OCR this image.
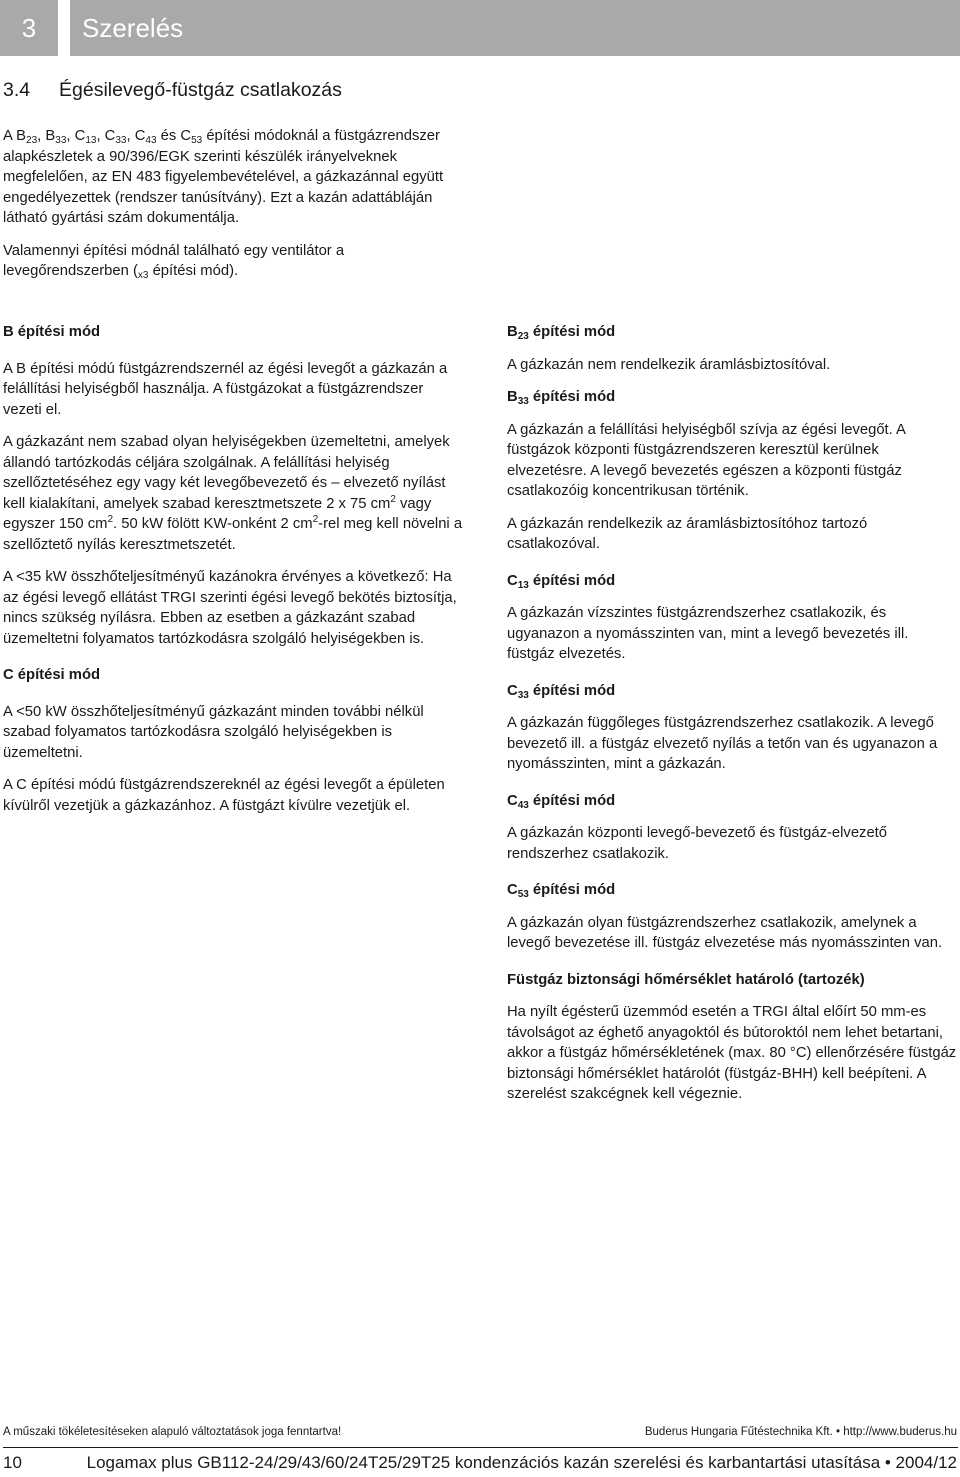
3 Szerelés
3.4 Égésilevegő-füstgáz csatlakozás

A $B_{23}$, $B_{33}$, $C_{13}$, $C_{33}$, $C_{43}$ és $C_{53}$ építési módoknál a füstgázrendszer alapkészletek a 90/396/EGK szerinti készülék irányelveknek megfelelően, az EN 483 figyelembevételével, a gázkazánnal együtt engedélyezettek (rendszer tanúsítvány). Ezt a kazán adattábláján látható gyártási szám dokumentálja.

Valamennyi építési módnál található egy ventilátor a levegőrendszerben ($_{x3}$ építési mód).

B építési mód

A B építési módú füstgázrendszernél az égési levegőt a gázkazán a felállítási helyiségből használja. A füstgázokat a füstgázrendszer vezeti el.

A gázkazánt nem szabad olyan helyiségekben üzemeltetni, amelyek állandó tartózkodás céljára szolgálnak. A felállítási helyiség szellőztetéséhez egy vagy két levegőbevezető és – elvezető nyílást kell kialakítani, amelyek szabad keresztmetszete 2 x 75 $cm^2$ vagy egyszer 150 $cm^2$. 50 kW fölött KW-onként 2 $cm^2$-rel meg kell növelni a szellőztető nyílás keresztmetszetét.

A <35 kW összhőteljesítményű kazánokra érvényes a következő: Ha az égési levegő ellátást TRGI szerinti égési levegő bekötés biztosítja, nincs szükség nyílásra. Ebben az esetben a gázkazánt szabad üzemeltetni folyamatos tartózkodásra szolgáló helyiségekben is.

C építési mód

A <50 kW összhőteljesítményű gázkazánt minden további nélkül szabad folyamatos tartózkodásra szolgáló helyiségekben is üzemeltetni.

A C építési módú füstgázrendszereknél az égési levegőt a épületen kívülről vezetjük a gázkazánhoz. A füstgázt kívülre vezetjük el.

$B_{23}$ építési mód

A gázkazán nem rendelkezik áramlásbiztosítóval.

$B_{33}$ építési mód

A gázkazán a felállítási helyiségből szívja az égési levegőt. A füstgázok központi füstgázrendszeren keresztül kerülnek elvezetésre. A levegő bevezetés egészen a központi füstgáz csatlakozóig koncentrikusan történik.

A gázkazán rendelkezik az áramlásbiztosítóhoz tartozó csatlakozóval.

$C_{13}$ építési mód

A gázkazán vízszintes füstgázrendszerhez csatlakozik, és ugyanazon a nyomásszinten van, mint a levegő bevezetés ill. füstgáz elvezetés.

$C_{33}$ építési mód

A gázkazán függőleges füstgázrendszerhez csatlakozik. A levegő bevezető ill. a füstgáz elvezető nyílás a tetőn van és ugyanazon a nyomásszinten, mint a gázkazán.

$C_{43}$ építési mód

A gázkazán központi levegő-bevezető és füstgáz-elvezető rendszerhez csatlakozik.

$C_{53}$ építési mód

A gázkazán olyan füstgázrendszerhez csatlakozik, amelynek a levegő bevezetése ill. füstgáz elvezetése más nyomásszinten van.

Füstgáz biztonsági hőmérséklet határoló (tartozék)

Ha nyílt égésterű üzemmód esetén a TRGI által előírt 50 mm-es távolságot az éghető anyagoktól és bútoroktól nem lehet betartani, akkor a füstgáz hőmérsékletének (max. 80 °C) ellenőrzésére füstgáz biztonsági hőmérséklet határolót (füstgáz-BHH) kell beépíteni. A szerelést szakcégnek kell végeznie.

A műszaki tökéletesítéseken alapuló változtatások joga fenntartva!	Buderus Hungaria Fűtéstechnika Kft. • http://www.buderus.hu
10	Logamax plus GB112-24/29/43/60/24T25/29T25 kondenzációs kazán szerelési és karbantartási utasítása • 2004/12
